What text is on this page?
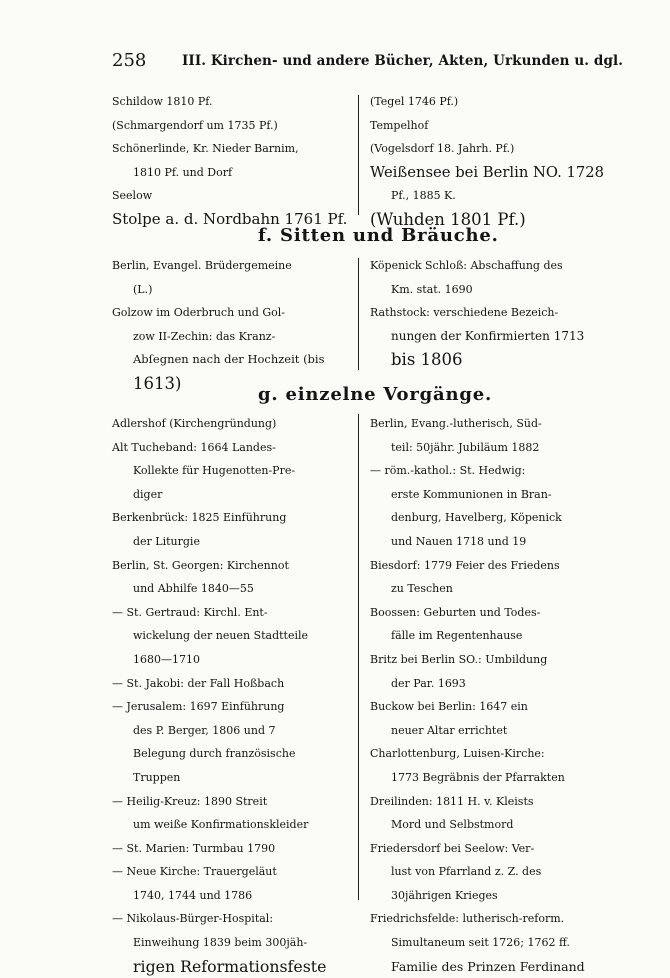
258	III. Kirchen- und andere Bücher, Akten, Urkunden u. dgl.
Schildow 1810 Pf.
(Schmargendorf um 1735 Pf.)
Schönerlinde, Kr. Nieder Barnim,
1810 Pf. und Dorf
Seelow
Stolpe a. d. Nordbahn 1761 Pf.
(Tegel 1746 Pf.)
Tempelhof
(Vogelsdorf 18. Jahrh. Pf.)
Weißensee bei Berlin NO. 1728
Pf., 1885 K.
(Wuhden 1801 Pf.)
f. Sitten und Bräuche.
Berlin, Evangel. Brüdergemeine
(L.)
Golzow im Oderbruch und Gol-
zow II-Zechin: das Kranz-
Abſegnen nach der Hochzeit (bis
1613)
Köpenick Schloß: Abschaffung des
Km. stat. 1690
Rathstock: verschiedene Bezeich-
nungen der Konfirmierten 1713
bis 1806
g. einzelne Vorgänge.
Adlershof (Kirchengründung)
Alt Tucheband: 1664 Landes-
Kollekte für Hugenotten-Pre-
diger
Berkenbrück: 1825 Einführung
der Liturgie
Berlin, St. Georgen: Kirchennot
und Abhilfe 1840—55
— St. Gertraud: Kirchl. Ent-
wickelung der neuen Stadtteile
1680—1710
— St. Jakobi: der Fall Hoßbach
— Jerusalem: 1697 Einführung
des P. Berger, 1806 und 7
Belegung durch französische
Truppen
— Heilig-Kreuz: 1890 Streit
um weiße Konfirmationskleider
— St. Marien: Turmbau 1790
— Neue Kirche: Trauergeläut
1740, 1744 und 1786
— Nikolaus-Bürger-Hospital:
Einweihung 1839 beim 300jäh-
rigen Reformationsfeste
Berlin, Evang.-lutherisch, Süd-
teil: 50jähr. Jubiläum 1882
— röm.-kathol.: St. Hedwig:
erste Kommunionen in Bran-
denburg, Havelberg, Köpenick
und Nauen 1718 und 19
Biesdorf: 1779 Feier des Friedens
zu Teschen
Boossen: Geburten und Todes-
fälle im Regentenhause
Britz bei Berlin SO.: Umbildung
der Par. 1693
Buckow bei Berlin: 1647 ein
neuer Altar errichtet
Charlottenburg, Luisen-Kirche:
1773 Begräbnis der Pfarrakten
Dreilinden: 1811 H. v. Kleists
Mord und Selbstmord
Friedersdorf bei Seelow: Ver-
lust von Pfarrland z. Z. des
30jährigen Krieges
Friedrichsfelde: lutherisch-reform.
Simultaneum seit 1726; 1762 ff.
Familie des Prinzen Ferdinand
